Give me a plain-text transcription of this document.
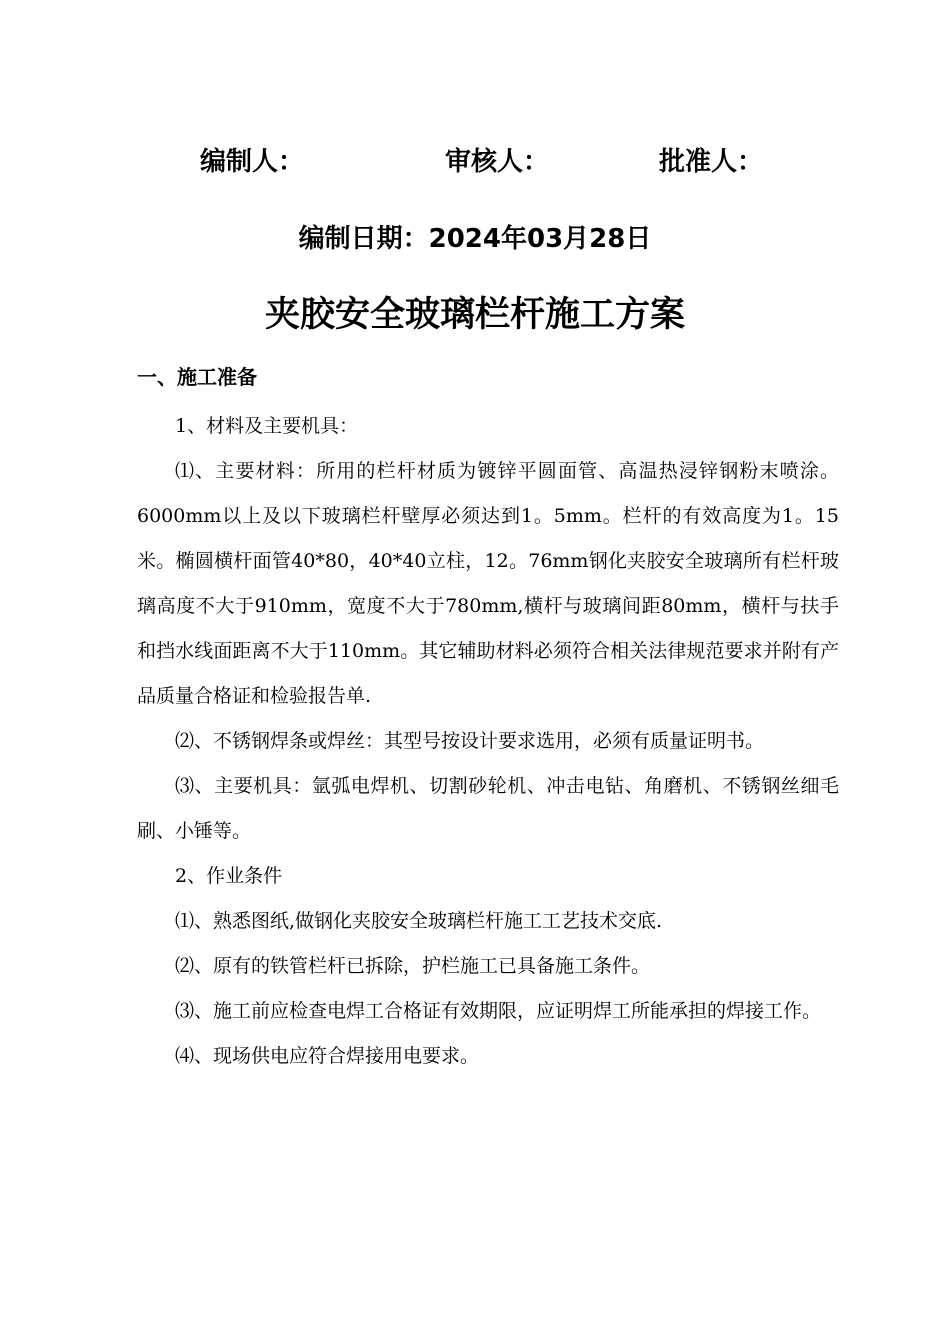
编制人：	审核人：	批准人：
编制日期：2024年03月28日
夹胶安全玻璃栏杆施工方案
一、施工准备

1、材料及主要机具：

⑴、主要材料：所用的栏杆材质为镀锌平圆面管、高温热浸锌钢粉末喷涂。6000mm以上及以下玻璃栏杆壁厚必须达到1。5mm。栏杆的有效高度为1。15米。椭圆横杆面管40*80，40*40立柱，12。76mm钢化夹胶安全玻璃所有栏杆玻璃高度不大于910mm，宽度不大于780mm,横杆与玻璃间距80mm，横杆与扶手和挡水线面距离不大于110mm。其它辅助材料必须符合相关法律规范要求并附有产品质量合格证和检验报告单.

⑵、不锈钢焊条或焊丝：其型号按设计要求选用，必须有质量证明书。

⑶、主要机具：氩弧电焊机、切割砂轮机、冲击电钻、角磨机、不锈钢丝细毛刷、小锤等。

2、作业条件

⑴、熟悉图纸,做钢化夹胶安全玻璃栏杆施工工艺技术交底.

⑵、原有的铁管栏杆已拆除，护栏施工已具备施工条件。

⑶、施工前应检查电焊工合格证有效期限，应证明焊工所能承担的焊接工作。

⑷、现场供电应符合焊接用电要求。
